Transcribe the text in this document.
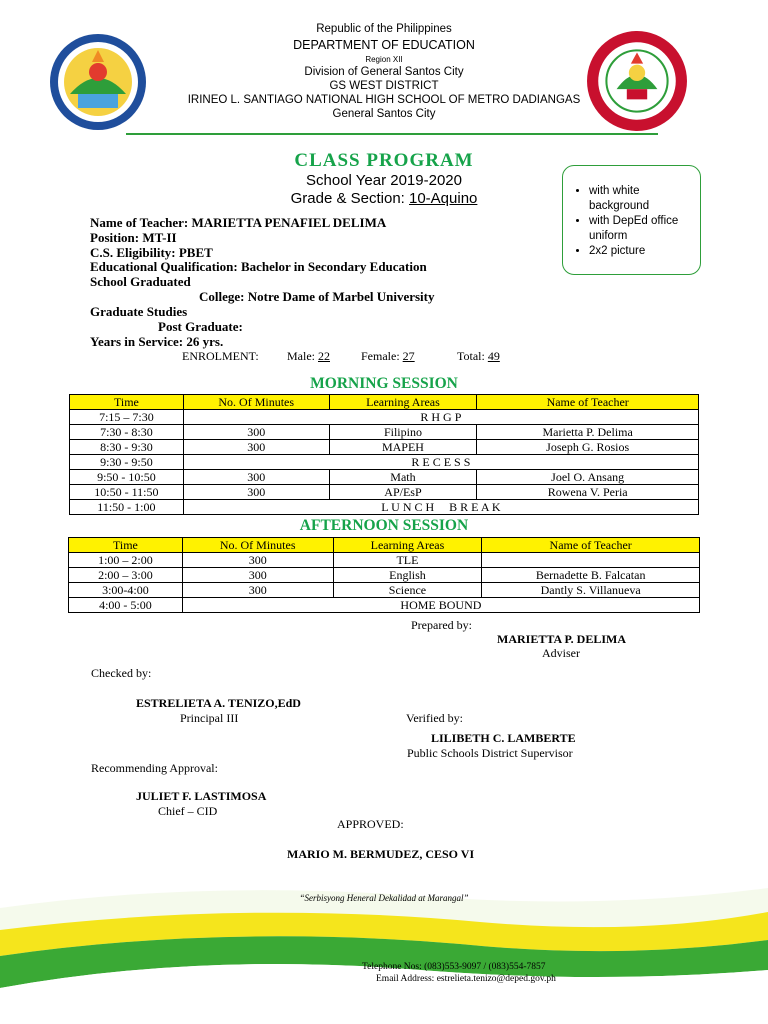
Republic of the Philippines
DEPARTMENT OF EDUCATION
Region XII
Division of General Santos City
GS WEST DISTRICT
IRINEO L. SANTIAGO NATIONAL HIGH SCHOOL OF METRO DADIANGAS
General Santos City
CLASS PROGRAM
School Year 2019-2020
Grade & Section: 10-Aquino	• with white background
• with DepEd office uniform
• 2x2 picture
Name of Teacher: MARIETTA PENAFIEL DELIMA
Position: MT-II
C.S. Eligibility: PBET
Educational Qualification: Bachelor in Secondary Education
School Graduated
College: Notre Dame of Marbel University
Graduate Studies
Post Graduate:
Years in Service: 26 yrs.
ENROLMENT: Male: 22	Female: 27	Total: 49
MORNING SESSION
Time	No. Of Minutes	Learning Areas	Name of Teacher
7:15 – 7:30	R H G P		
7:30 - 8:30	300	Filipino	Marietta P. Delima
8:30 - 9:30	300	MAPEH	Joseph G. Rosios
9:30 - 9:50	R E C E S S		
9:50 - 10:50	300	Math	Joel O. Ansang
10:50 - 11:50	300	AP/EsP	Rowena V. Peria
11:50 - 1:00	L U N C H     B R E A K		
AFTERNOON SESSION
Time	No. Of Minutes	Learning Areas	Name of Teacher
1:00 – 2:00	300	TLE	
2:00 – 3:00	300	English	Bernadette B. Falcatan
3:00-4:00	300	Science	Dantly S. Villanueva
4:00 - 5:00	HOME BOUND		
Prepared by:
MARIETTA P. DELIMA
Adviser
Checked by:
ESTRELIETA A. TENIZO,EdD
Principal III	Verified by:
LILIBETH C. LAMBERTE
Public Schools District Supervisor
Recommending Approval:
JULIET F. LASTIMOSA
Chief – CID
APPROVED:
MARIO M. BERMUDEZ, CESO VI
“Serbisyong Heneral Dekalidad at Marangal”
Telephone Nos: (083)553-9097 / (083)554-7857
Email Address: estrelieta.tenizo@deped.gov.ph
